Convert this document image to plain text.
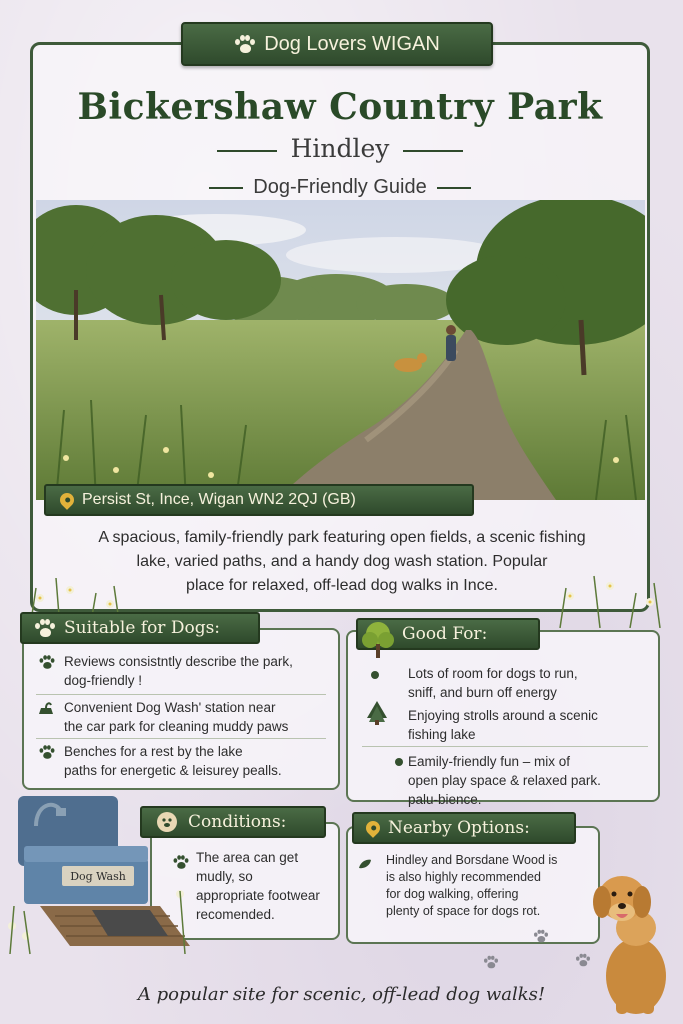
Dog Lovers WIGAN
Bickershaw Country Park
Hindley
Dog-Friendly Guide
Persist St, Ince, Wigan WN2 2QJ (GB)
A spacious, family-friendly park featuring open fields, a scenic fishing
lake, varied paths, and a handy dog wash station. Popular
place for relaxed, off-lead dog walks in Ince.
Suitable for Dogs:
Reviews consistntly describe the park,
dog-friendly !
Convenient Dog Wash' station near
the car park for cleaning muddy paws
Benches for a rest by the lake
paths for energetic & leisurey pealls.
Good For:
Lots of room for dogs to run,
sniff, and burn off energy
Enjoying strolls around a scenic
fishing lake
Eamily-friendly fun – mix of
open play space & relaxed park.
palu-bience.
Conditions:
The area can get
mudly, so
appropriate footwear
recomended.
Nearby Options:
Hindley and Borsdane Wood is
is also highly recommended
for dog walking, offering
plenty of space for dogs rot.
Dog Wash
A popular site for scenic, off-lead dog walks!
